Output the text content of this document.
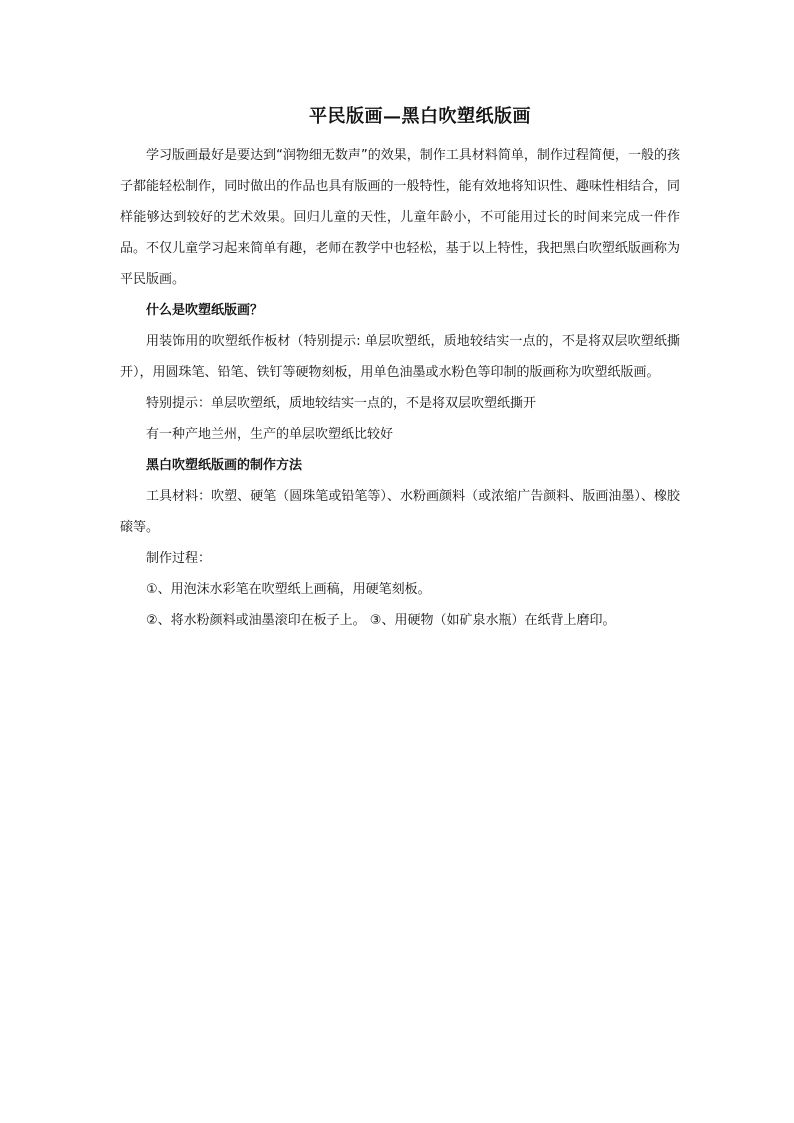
平民版画—黑白吹塑纸版画

学习版画最好是要达到“润物细无数声”的效果，制作工具材料简单，制作过程简便，一般的孩子都能轻松制作，同时做出的作品也具有版画的一般特性，能有效地将知识性、趣味性相结合，同样能够达到较好的艺术效果。回归儿童的天性，儿童年龄小，不可能用过长的时间来完成一件作品。不仅儿童学习起来简单有趣，老师在教学中也轻松，基于以上特性，我把黑白吹塑纸版画称为平民版画。

什么是吹塑纸版画？

用装饰用的吹塑纸作板材（特别提示: 单层吹塑纸，质地较结实一点的，不是将双层吹塑纸撕开），用圆珠笔、铅笔、铁钉等硬物刻板，用单色油墨或水粉色等印制的版画称为吹塑纸版画。

特别提示：单层吹塑纸，质地较结实一点的，不是将双层吹塑纸撕开

有一种产地兰州，生产的单层吹塑纸比较好

黑白吹塑纸版画的制作方法

工具材料：吹塑、硬笔（圆珠笔或铅笔等）、水粉画颜料（或浓缩广告颜料、版画油墨）、橡胶磙等。

制作过程：

①、用泡沫水彩笔在吹塑纸上画稿，用硬笔刻板。

②、将水粉颜料或油墨滚印在板子上。 ③、用硬物（如矿泉水瓶）在纸背上磨印。
